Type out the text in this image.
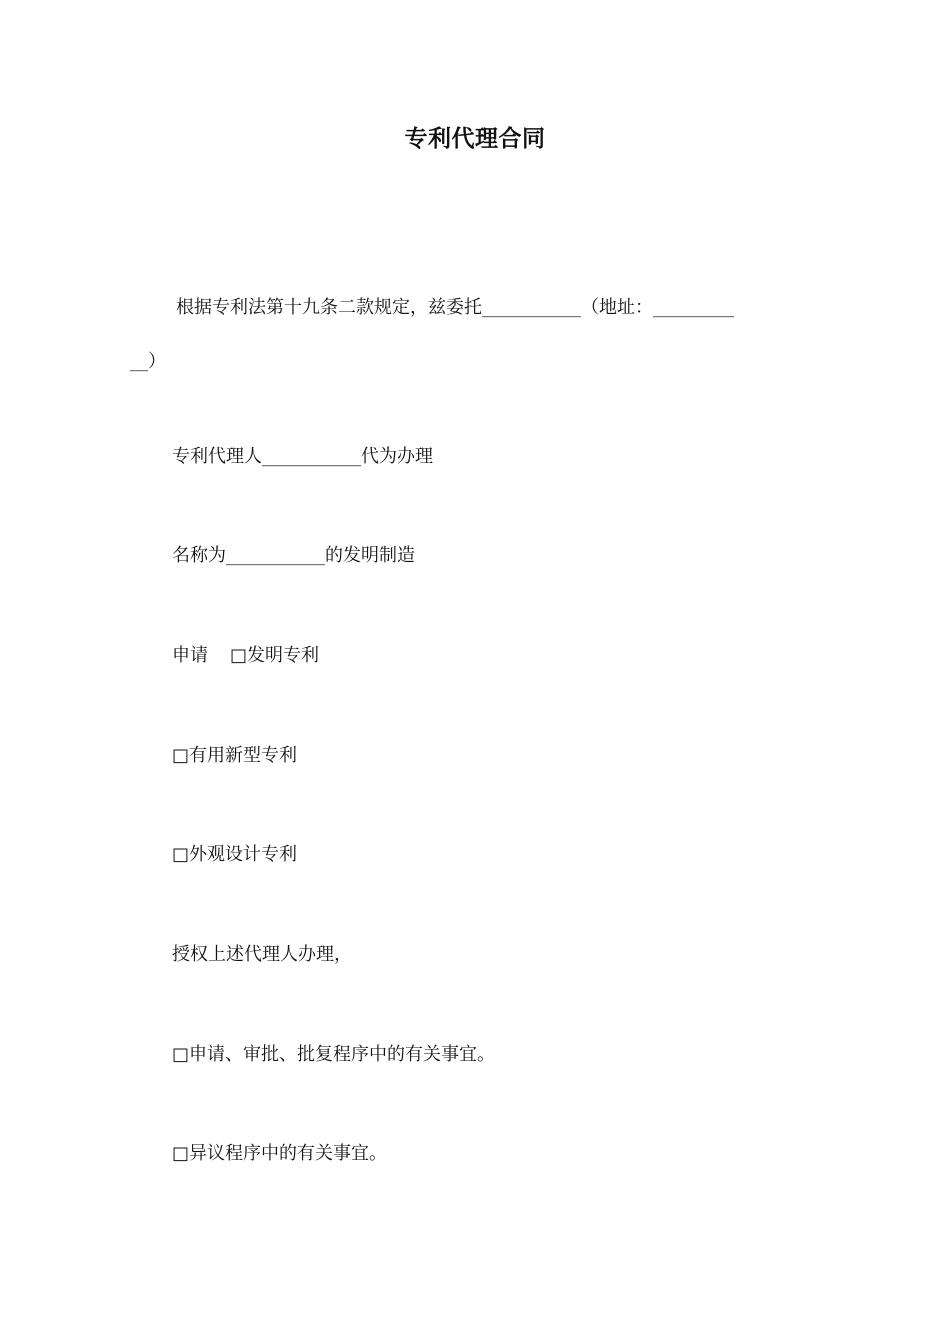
专利代理合同
根据专利法第十九条二款规定，兹委托___________（地址：_________
__）
专利代理人___________代为办理
名称为___________的发明制造
申请 □发明专利
□有用新型专利
□外观设计专利
授权上述代理人办理，
□申请、审批、批复程序中的有关事宜。
□异议程序中的有关事宜。
